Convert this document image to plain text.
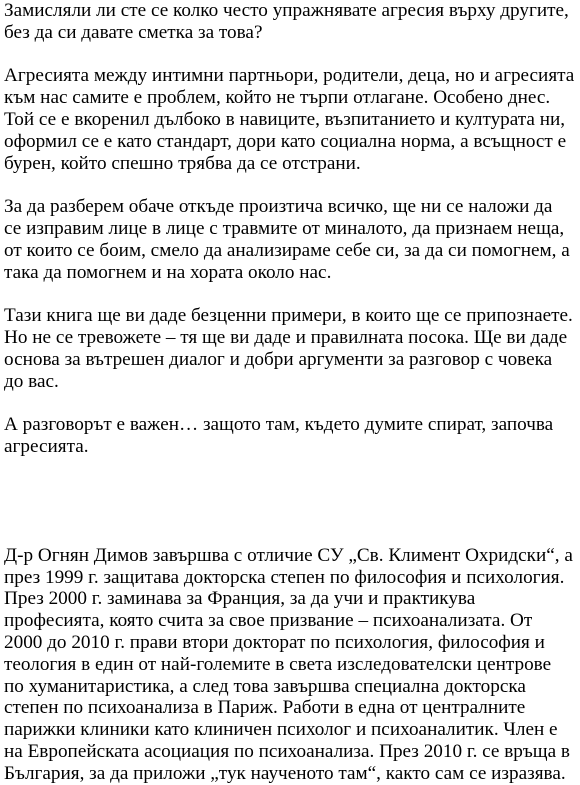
Замисляли ли сте се колко често упражнявате агресия върху другите,
без да си давате сметка за това?

Агресията между интимни партньори, родители, деца, но и агресията
към нас самите е проблем, който не търпи отлагане. Особено днес.
Той се е вкоренил дълбоко в навиците, възпитанието и културата ни,
оформил се е като стандарт, дори като социална норма, а всъщност е
бурен, който спешно трябва да се отстрани.

За да разберем обаче откъде произтича всичко, ще ни се наложи да
се изправим лице в лице с травмите от миналото, да признаем неща,
от които се боим, смело да анализираме себе си, за да си помогнем, а
така да помогнем и на хората около нас.

Тази книга ще ви даде безценни примери, в които ще се припознаете.
Но не се тревожете – тя ще ви даде и правилната посока. Ще ви даде
основа за вътрешен диалог и добри аргументи за разговор с човека
до вас.

А разговорът е важен… защото там, където думите спират, започва
агресията.

Д-р Огнян Димов завършва с отличие СУ „Св. Климент Охридски“, а
през 1999 г. защитава докторска степен по философия и психология.
През 2000 г. заминава за Франция, за да учи и практикува
професията, която счита за свое призвание – психоанализата. От
2000 до 2010 г. прави втори докторат по психология, философия и
теология в един от най-големите в света изследователски центрове
по хуманитаристика, а след това завършва специална докторска
степен по психоанализа в Париж. Работи в една от централните
парижки клиники като клиничен психолог и психоаналитик. Член е
на Европейската асоциация по психоанализа. През 2010 г. се връща в
България, за да приложи „тук наученото там“, както сам се изразява.
